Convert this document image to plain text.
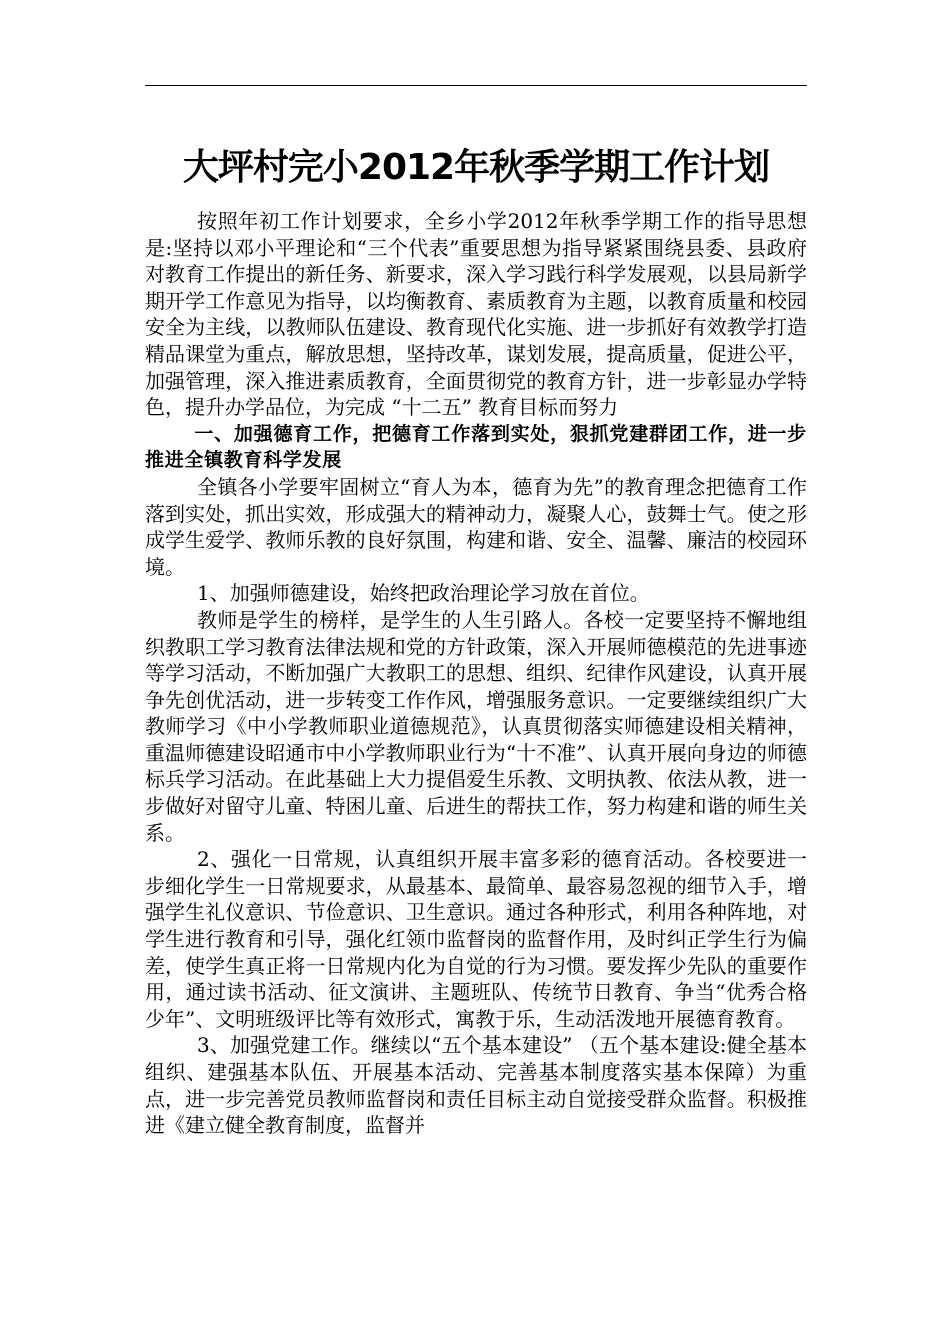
大坪村完小2012年秋季学期工作计划

按照年初工作计划要求，全乡小学2012年秋季学期工作的指导思想是:坚持以邓小平理论和“三个代表”重要思想为指导紧紧围绕县委、县政府对教育工作提出的新任务、新要求，深入学习践行科学发展观，以县局新学期开学工作意见为指导，以均衡教育、素质教育为主题，以教育质量和校园安全为主线，以教师队伍建设、教育现代化实施、进一步抓好有效教学打造精品课堂为重点，解放思想，坚持改革，谋划发展，提高质量，促进公平，加强管理，深入推进素质教育，全面贯彻党的教育方针，进一步彰显办学特色，提升办学品位，为完成 “十二五” 教育目标而努力

一、加强德育工作，把德育工作落到实处，狠抓党建群团工作，进一步推进全镇教育科学发展

全镇各小学要牢固树立“育人为本，德育为先”的教育理念把德育工作落到实处，抓出实效，形成强大的精神动力，凝聚人心，鼓舞士气。使之形成学生爱学、教师乐教的良好氛围，构建和谐、安全、温馨、廉洁的校园环境。

1、加强师德建设，始终把政治理论学习放在首位。

教师是学生的榜样，是学生的人生引路人。各校一定要坚持不懈地组织教职工学习教育法律法规和党的方针政策，深入开展师德模范的先进事迹等学习活动，不断加强广大教职工的思想、组织、纪律作风建设，认真开展争先创优活动，进一步转变工作作风，增强服务意识。一定要继续组织广大教师学习《中小学教师职业道德规范》，认真贯彻落实师德建设相关精神，重温师德建设昭通市中小学教师职业行为“十不准”、认真开展向身边的师德标兵学习活动。在此基础上大力提倡爱生乐教、文明执教、依法从教，进一步做好对留守儿童、特困儿童、后进生的帮扶工作，努力构建和谐的师生关系。

2、强化一日常规，认真组织开展丰富多彩的德育活动。各校要进一步细化学生一日常规要求，从最基本、最简单、最容易忽视的细节入手，增强学生礼仪意识、节俭意识、卫生意识。通过各种形式，利用各种阵地，对学生进行教育和引导，强化红领巾监督岗的监督作用，及时纠正学生行为偏差，使学生真正将一日常规内化为自觉的行为习惯。要发挥少先队的重要作用，通过读书活动、征文演讲、主题班队、传统节日教育、争当“优秀合格少年”、文明班级评比等有效形式，寓教于乐，生动活泼地开展德育教育。

3、加强党建工作。继续以“五个基本建设” （五个基本建设:健全基本组织、建强基本队伍、开展基本活动、完善基本制度落实基本保障）为重点，进一步完善党员教师监督岗和责任目标主动自觉接受群众监督。积极推进《建立健全教育制度，监督并
